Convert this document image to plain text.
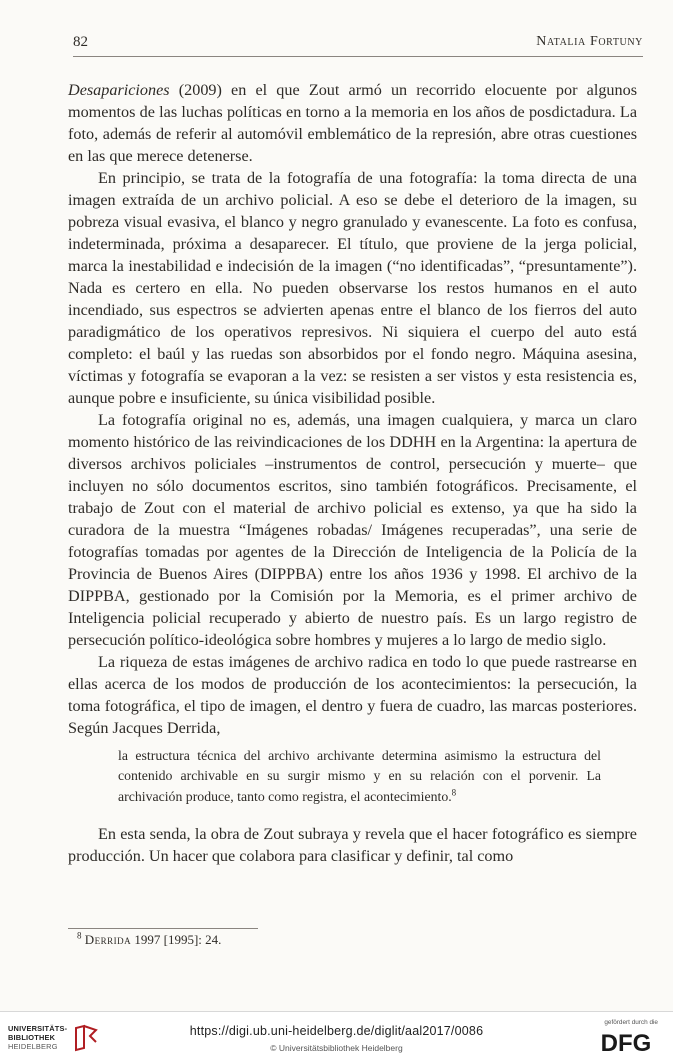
82	Natalia Fortuny

Desapariciones (2009) en el que Zout armó un recorrido elocuente por algunos momentos de las luchas políticas en torno a la memoria en los años de posdictadura. La foto, además de referir al automóvil emblemático de la represión, abre otras cuestiones en las que merece detenerse.

En principio, se trata de la fotografía de una fotografía: la toma directa de una imagen extraída de un archivo policial. A eso se debe el deterioro de la imagen, su pobreza visual evasiva, el blanco y negro granulado y evanescente. La foto es confusa, indeterminada, próxima a desaparecer. El título, que proviene de la jerga policial, marca la inestabilidad e indecisión de la imagen (“no identificadas”, “presuntamente”). Nada es certero en ella. No pueden observarse los restos humanos en el auto incendiado, sus espectros se advierten apenas entre el blanco de los fierros del auto paradigmático de los operativos represivos. Ni siquiera el cuerpo del auto está completo: el baúl y las ruedas son absorbidos por el fondo negro. Máquina asesina, víctimas y fotografía se evaporan a la vez: se resisten a ser vistos y esta resistencia es, aunque pobre e insuficiente, su única visibilidad posible.

La fotografía original no es, además, una imagen cualquiera, y marca un claro momento histórico de las reivindicaciones de los DDHH en la Argentina: la apertura de diversos archivos policiales –instrumentos de control, persecución y muerte– que incluyen no sólo documentos escritos, sino también fotográficos. Precisamente, el trabajo de Zout con el material de archivo policial es extenso, ya que ha sido la curadora de la muestra “Imágenes robadas/ Imágenes recuperadas”, una serie de fotografías tomadas por agentes de la Dirección de Inteligencia de la Policía de la Provincia de Buenos Aires (DIPPBA) entre los años 1936 y 1998. El archivo de la DIPPBA, gestionado por la Comisión por la Memoria, es el primer archivo de Inteligencia policial recuperado y abierto de nuestro país. Es un largo registro de persecución político-ideológica sobre hombres y mujeres a lo largo de medio siglo.

La riqueza de estas imágenes de archivo radica en todo lo que puede rastrearse en ellas acerca de los modos de producción de los acontecimientos: la persecución, la toma fotográfica, el tipo de imagen, el dentro y fuera de cuadro, las marcas posteriores. Según Jacques Derrida,

la estructura técnica del archivo archivante determina asimismo la estructura del contenido archivable en su surgir mismo y en su relación con el porvenir. La archivación produce, tanto como registra, el acontecimiento.$^8$

En esta senda, la obra de Zout subraya y revela que el hacer fotográfico es siempre producción. Un hacer que colabora para clasificar y definir, tal como

$^8$ Derrida 1997 [1995]: 24.
UNIVERSITÄTS-
BIBLIOTHEK
HEIDELBERG
https://digi.ub.uni-heidelberg.de/diglit/aal2017/0086
© Universitätsbibliothek Heidelberg
gefördert durch die
DFG
